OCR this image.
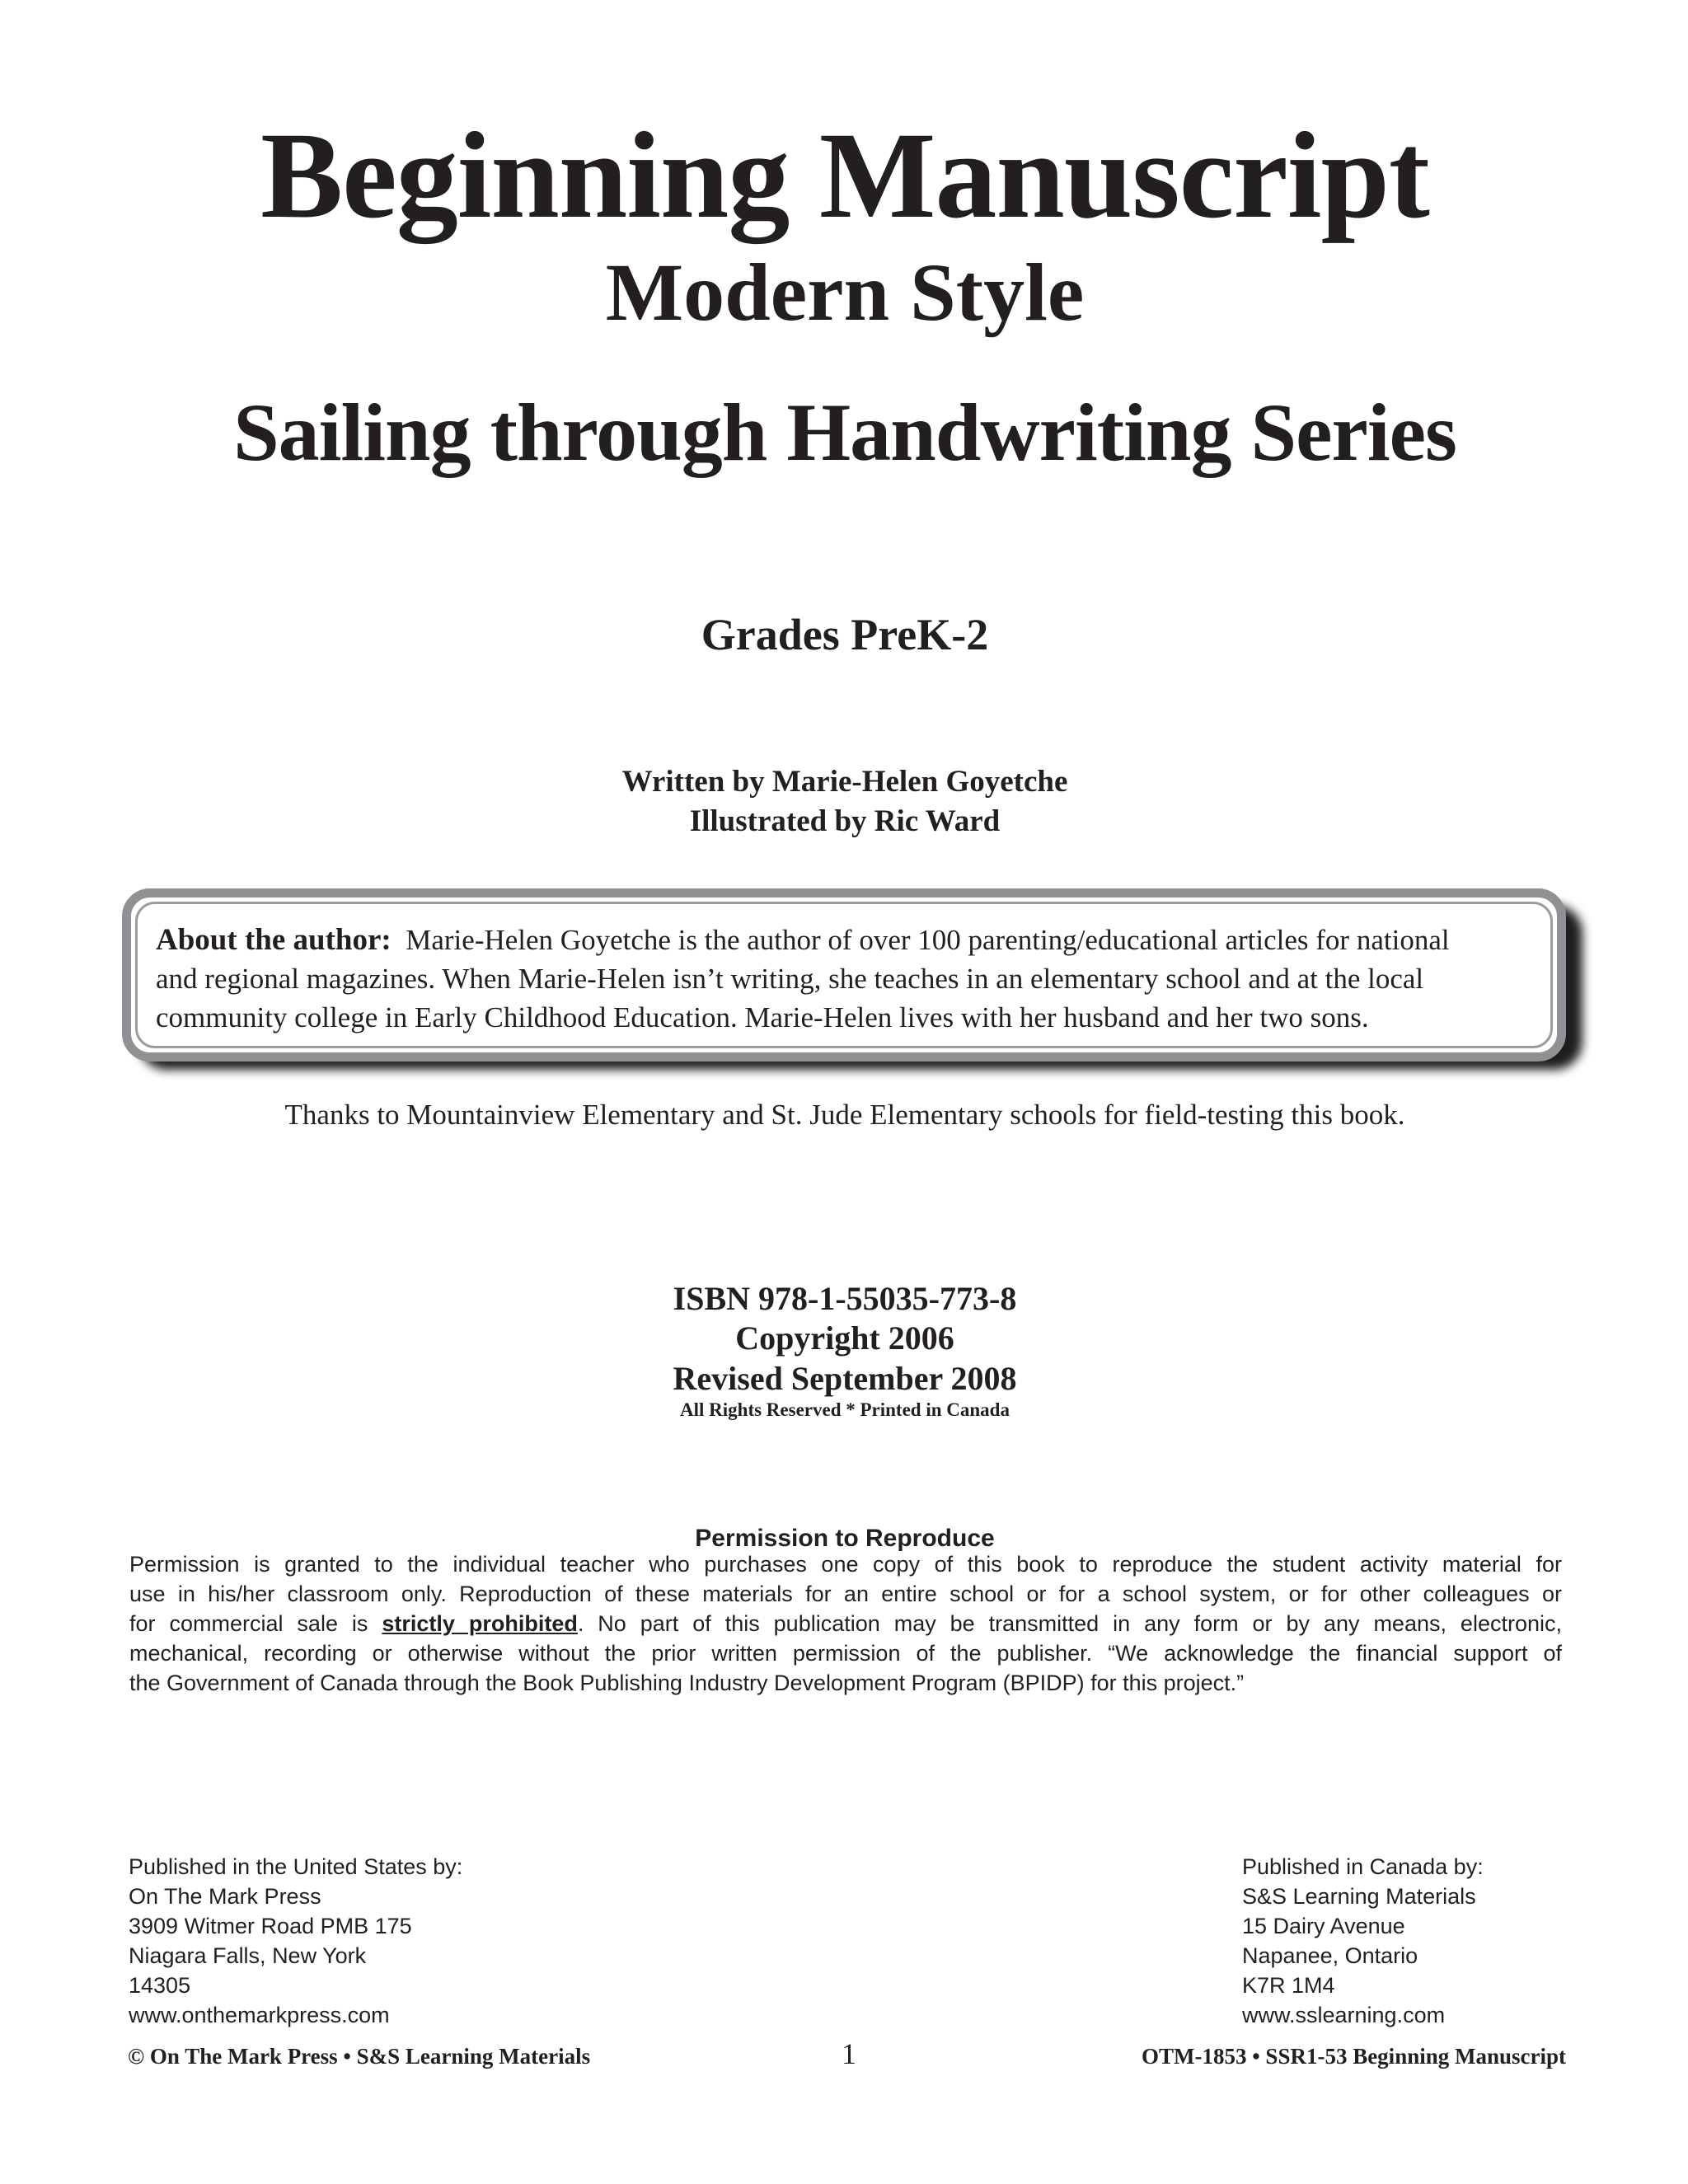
Beginning Manuscript
Modern Style
Sailing through Handwriting Series
Grades PreK-2
Written by Marie-Helen Goyetche
Illustrated by Ric Ward
About the author: Marie-Helen Goyetche is the author of over 100 parenting/educational articles for national
and regional magazines. When Marie-Helen isn’t writing, she teaches in an elementary school and at the local
community college in Early Childhood Education. Marie-Helen lives with her husband and her two sons.
Thanks to Mountainview Elementary and St. Jude Elementary schools for field-testing this book.
ISBN 978-1-55035-773-8
Copyright 2006
Revised September 2008
All Rights Reserved * Printed in Canada
Permission to Reproduce
Permission is granted to the individual teacher who purchases one copy of this book to reproduce the student activity material for
use in his/her classroom only. Reproduction of these materials for an entire school or for a school system, or for other colleagues or
for commercial sale is strictly prohibited. No part of this publication may be transmitted in any form or by any means, electronic,
mechanical, recording or otherwise without the prior written permission of the publisher. “We acknowledge the financial support of
the Government of Canada through the Book Publishing Industry Development Program (BPIDP) for this project.”
Published in the United States by:
On The Mark Press
3909 Witmer Road PMB 175
Niagara Falls, New York
14305
www.onthemarkpress.com
Published in Canada by:
S&S Learning Materials
15 Dairy Avenue
Napanee, Ontario
K7R 1M4
www.sslearning.com
© On The Mark Press • S&S Learning Materials	1	OTM-1853 • SSR1-53 Beginning Manuscript
